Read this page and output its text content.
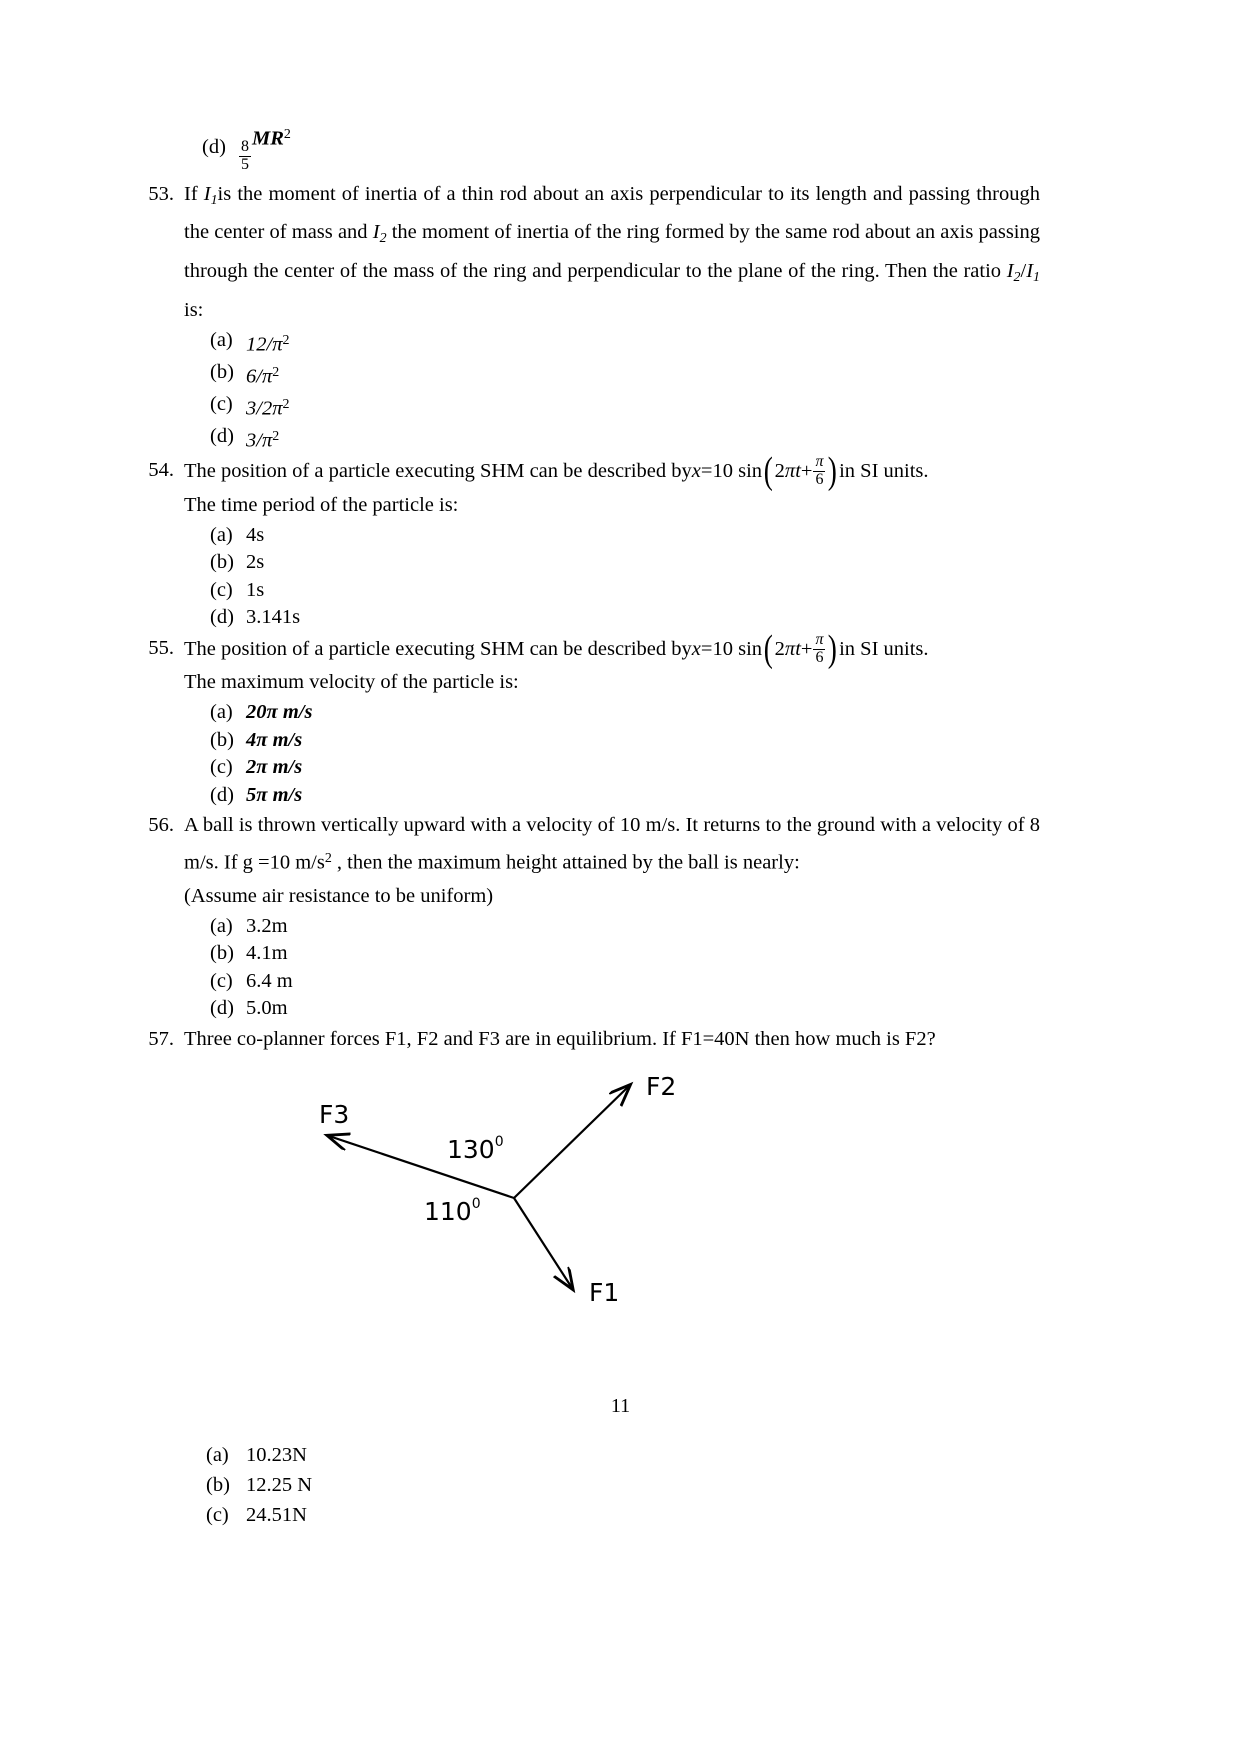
$(d) \frac{8}{5}$
$MR^2$
53. If $I_1is$ the moment of inertia of a thin rod about an axis perpendicular to its length and passing through the center of mass and $I_2$ the moment of inertia of the ring formed by the same rod about an axis passing through the center of the mass of the ring and perpendicular to the plane of the ring. Then the ratio $I_2/I_1$ is:
(a) $12/\pi^2$
(b) $6/\pi^2$
(c) $3/2\pi^2$
(d) $3/\pi^2$
54. The position of a particle executing SHM can be described by x = 10 sin ( 2 π $t + \frac{\pi}{6}$ ) in SI units.
The time period of the particle is:
(a) 4s
(b) 2s
(c) 1s
(d) 3.141s
55. The position of a particle executing SHM can be described by x = 10 sin ( 2 π $t + \frac{\pi}{6}$ ) in SI units.
The maximum velocity of the particle is:
(a) 20π m/s
(b) 4π m/s
(c) 2π m/s
(d) 5π m/s
56. A ball is thrown vertically upward with a velocity of 10 m/s. It returns to the ground with a velocity of 8 m/s. If g =10 $m/s^2$ , then the maximum height attained by the ball is nearly:
(Assume air resistance to be uniform)
(a) 3.2m
(b) 4.1m
(c) 6.4 m
(d) 5.0m
57. Three co-planner forces F1, F2 and F3 are in equilibrium. If F1=40N then how much is F2?
F2
F3
F1
$130^0$
$110^0$
(a) 10.23N
(b) 12.25 N
(c) 24.51N
11
